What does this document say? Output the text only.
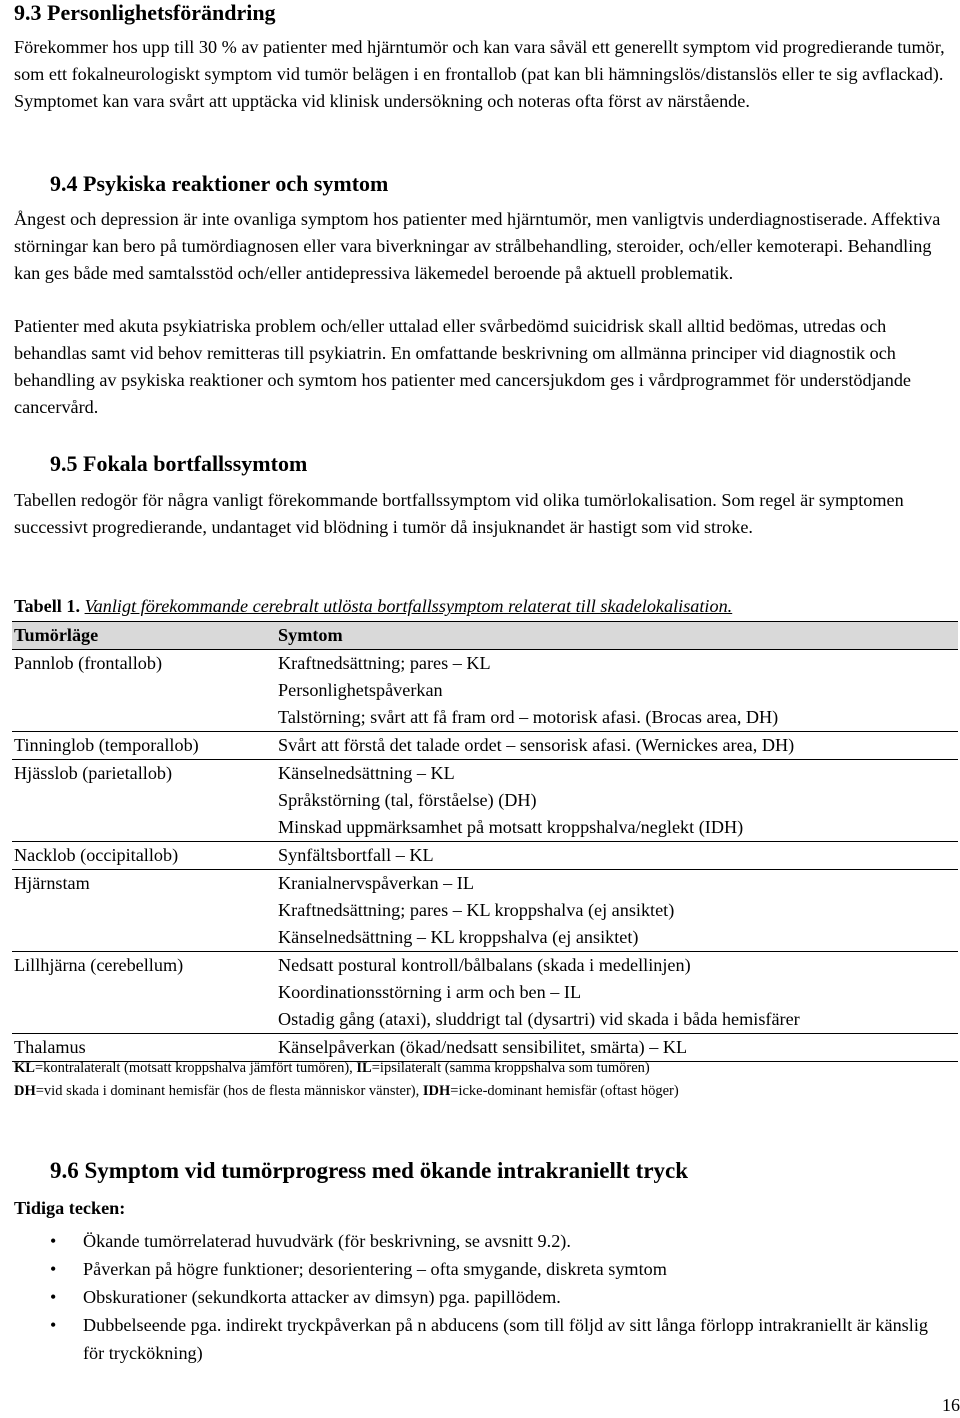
9.3 Personlighetsförändring

Förekommer hos upp till 30 % av patienter med hjärntumör och kan vara såväl ett generellt symptom vid progredierande tumör, som ett fokalneurologiskt symptom vid tumör belägen i en frontallob (pat kan bli hämningslös/distanslös eller te sig avflackad). Symptomet kan vara svårt att upptäcka vid klinisk undersökning och noteras ofta först av närstående.

9.4 Psykiska reaktioner och symtom

Ångest och depression är inte ovanliga symptom hos patienter med hjärntumör, men vanligtvis underdiagnostiserade. Affektiva störningar kan bero på tumördiagnosen eller vara biverkningar av strålbehandling, steroider, och/eller kemoterapi. Behandling kan ges både med samtalsstöd och/eller antidepressiva läkemedel beroende på aktuell problematik.

Patienter med akuta psykiatriska problem och/eller uttalad eller svårbedömd suicidrisk skall alltid bedömas, utredas och behandlas samt vid behov remitteras till psykiatrin. En omfattande beskrivning om allmänna principer vid diagnostik och behandling av psykiska reaktioner och symtom hos patienter med cancersjukdom ges i vårdprogrammet för understödjande cancervård.

9.5 Fokala bortfallssymtom

Tabellen redogör för några vanligt förekommande bortfallssymptom vid olika tumörlokalisation. Som regel är symptomen successivt progredierande, undantaget vid blödning i tumör då insjuknandet är hastigt som vid stroke.

Tabell 1. Vanligt förekommande cerebralt utlösta bortfallssymptom relaterat till skadelokalisation.
Tumörläge	Symtom
Pannlob (frontallob)	Kraftnedsättning; pares – KL
Personlighetspåverkan
Talstörning; svårt att få fram ord – motorisk afasi. (Brocas area, DH)

Tinninglob (temporallob)	Svårt att förstå det talade ordet – sensorisk afasi. (Wernickes area, DH)

Hjässlob (parietallob)	Känselnedsättning – KL
Språkstörning (tal, förståelse) (DH)
Minskad uppmärksamhet på motsatt kroppshalva/neglekt (IDH)

Nacklob (occipitallob)	Synfältsbortfall – KL

Hjärnstam	Kranialnervspåverkan – IL
Kraftnedsättning; pares – KL kroppshalva (ej ansiktet)
Känselnedsättning – KL kroppshalva (ej ansiktet)

Lillhjärna (cerebellum)	Nedsatt postural kontroll/bålbalans (skada i medellinjen)
Koordinationsstörning i arm och ben – IL
Ostadig gång (ataxi), sluddrigt tal (dysartri) vid skada i båda hemisfärer

Thalamus	Känselpåverkan (ökad/nedsatt sensibilitet, smärta) – KL
KL=kontralateralt (motsatt kroppshalva jämfört tumören), IL=ipsilateralt (samma kroppshalva som tumören)
DH=vid skada i dominant hemisfär (hos de flesta människor vänster), IDH=icke-dominant hemisfär (oftast höger)
9.6 Symptom vid tumörprogress med ökande intrakraniellt tryck
Tidiga tecken:
• Ökande tumörrelaterad huvudvärk (för beskrivning, se avsnitt 9.2).
• Påverkan på högre funktioner; desorientering – ofta smygande, diskreta symtom
• Obskurationer (sekundkorta attacker av dimsyn) pga. papillödem.
• Dubbelseende pga. indirekt tryckpåverkan på n abducens (som till följd av sitt långa förlopp intrakraniellt är känslig för tryckökning)
16
